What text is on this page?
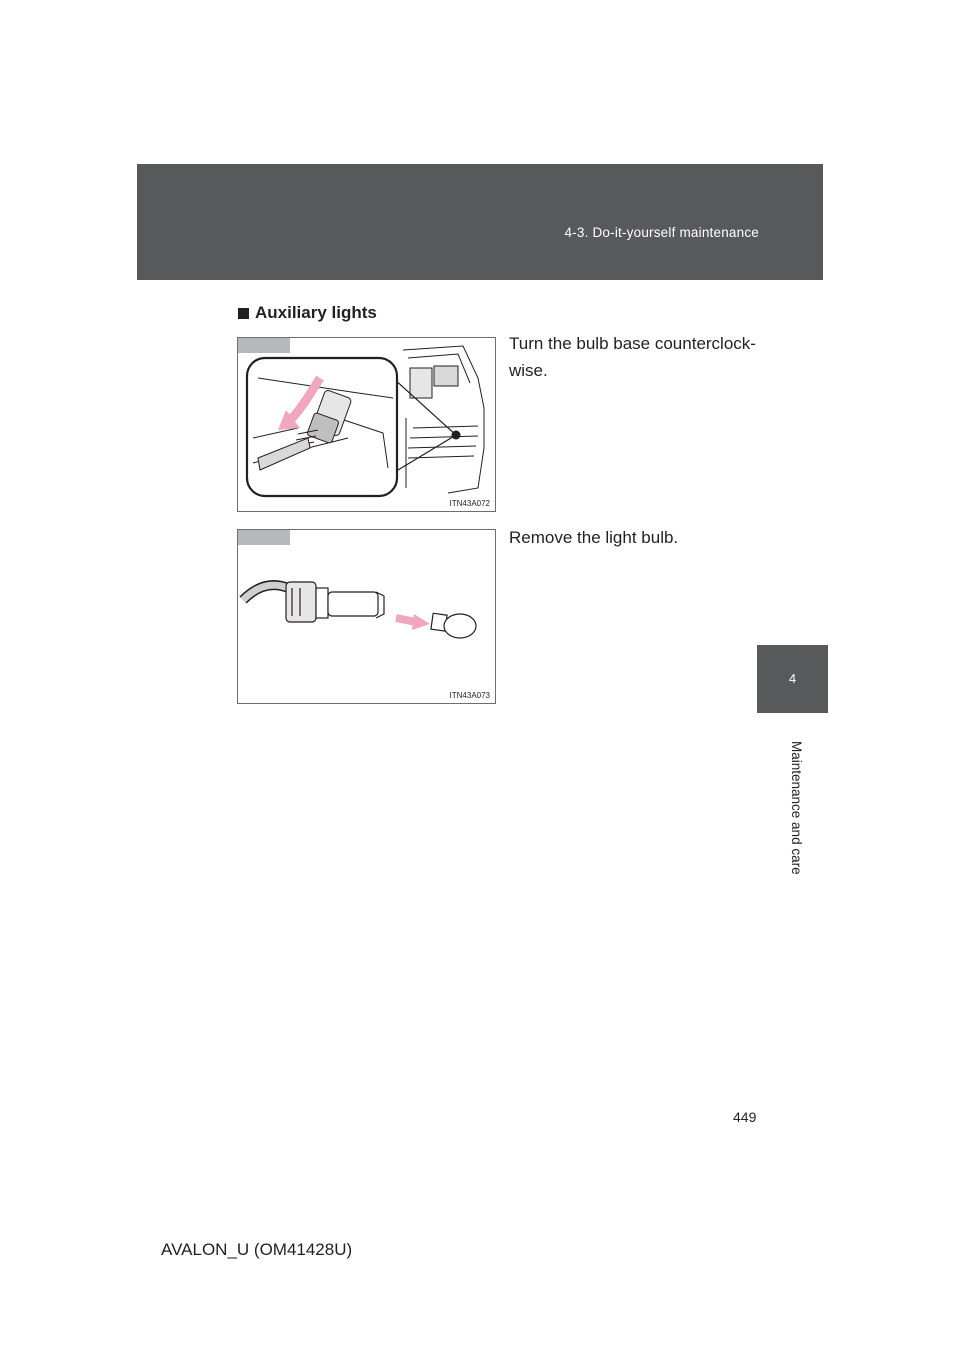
4-3. Do-it-yourself maintenance
4
Maintenance and care
Auxiliary lights
ITN43A072
Turn the bulb base counterclock-
wise.
ITN43A073
Remove the light bulb.
449
AVALON_U (OM41428U)
